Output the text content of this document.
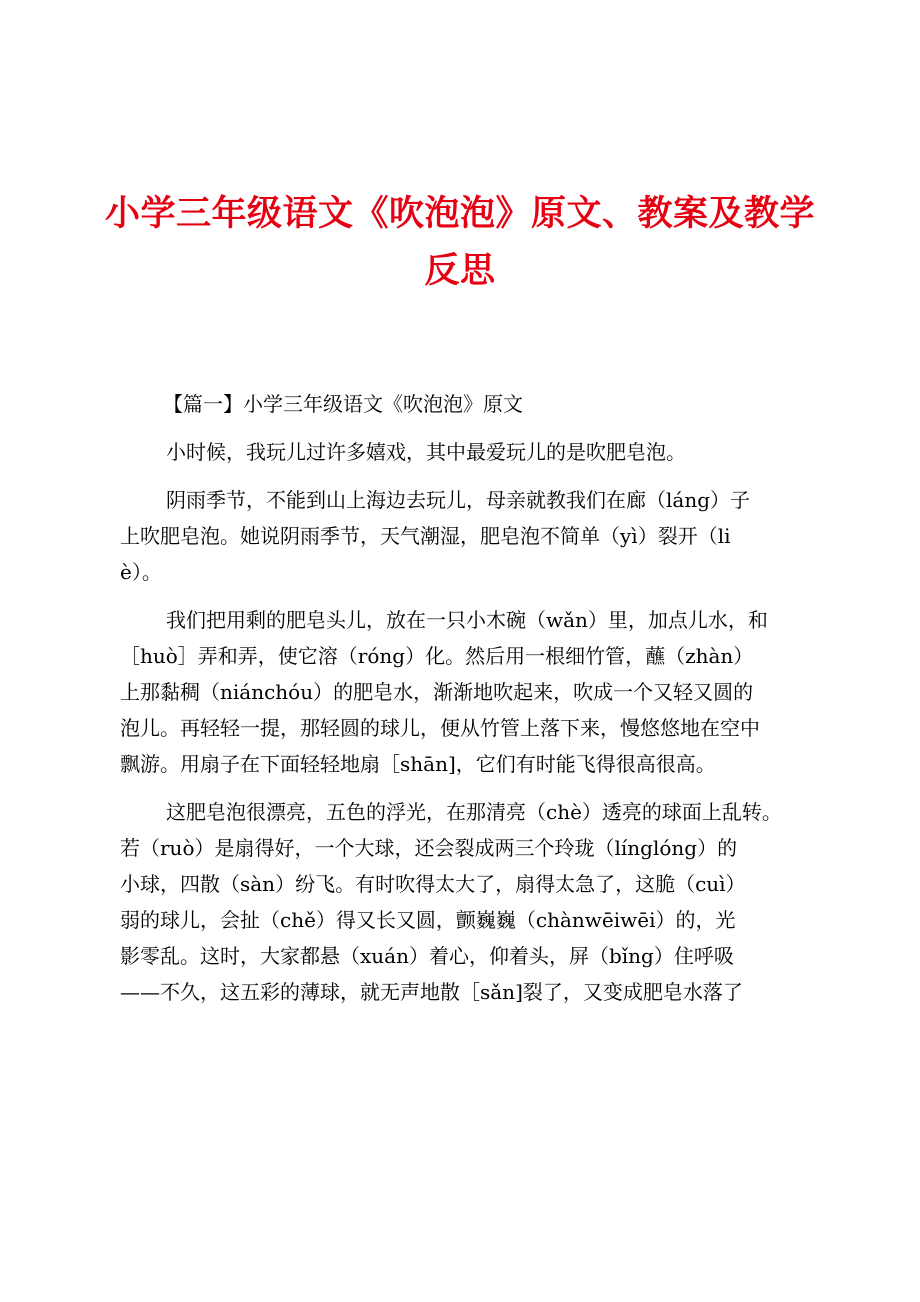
小学三年级语文《吹泡泡》原文、教案及教学
反思
【篇一】小学三年级语文《吹泡泡》原文
小时候，我玩儿过许多嬉戏，其中最爱玩儿的是吹肥皂泡。
阴雨季节，不能到山上海边去玩儿，母亲就教我们在廊（láng）子
上吹肥皂泡。她说阴雨季节，天气潮湿，肥皂泡不简单（yì）裂开（li
è）。
我们把用剩的肥皂头儿，放在一只小木碗（wǎn）里，加点儿水，和
［huò］弄和弄，使它溶（róng）化。然后用一根细竹管，蘸（zhàn）
上那黏稠（niánchóu）的肥皂水，渐渐地吹起来，吹成一个又轻又圆的
泡儿。再轻轻一提，那轻圆的球儿，便从竹管上落下来，慢悠悠地在空中
飘游。用扇子在下面轻轻地扇［shān]，它们有时能飞得很高很高。
这肥皂泡很漂亮，五色的浮光，在那清亮（chè）透亮的球面上乱转。
若（ruò）是扇得好，一个大球，还会裂成两三个玲珑（línglóng）的
小球，四散（sàn）纷飞。有时吹得太大了，扇得太急了，这脆（cuì）
弱的球儿，会扯（chě）得又长又圆，颤巍巍（chànwēiwēi）的，光
影零乱。这时，大家都悬（xuán）着心，仰着头，屏（bǐng）住呼吸
——不久，这五彩的薄球，就无声地散［sǎn]裂了，又变成肥皂水落了
